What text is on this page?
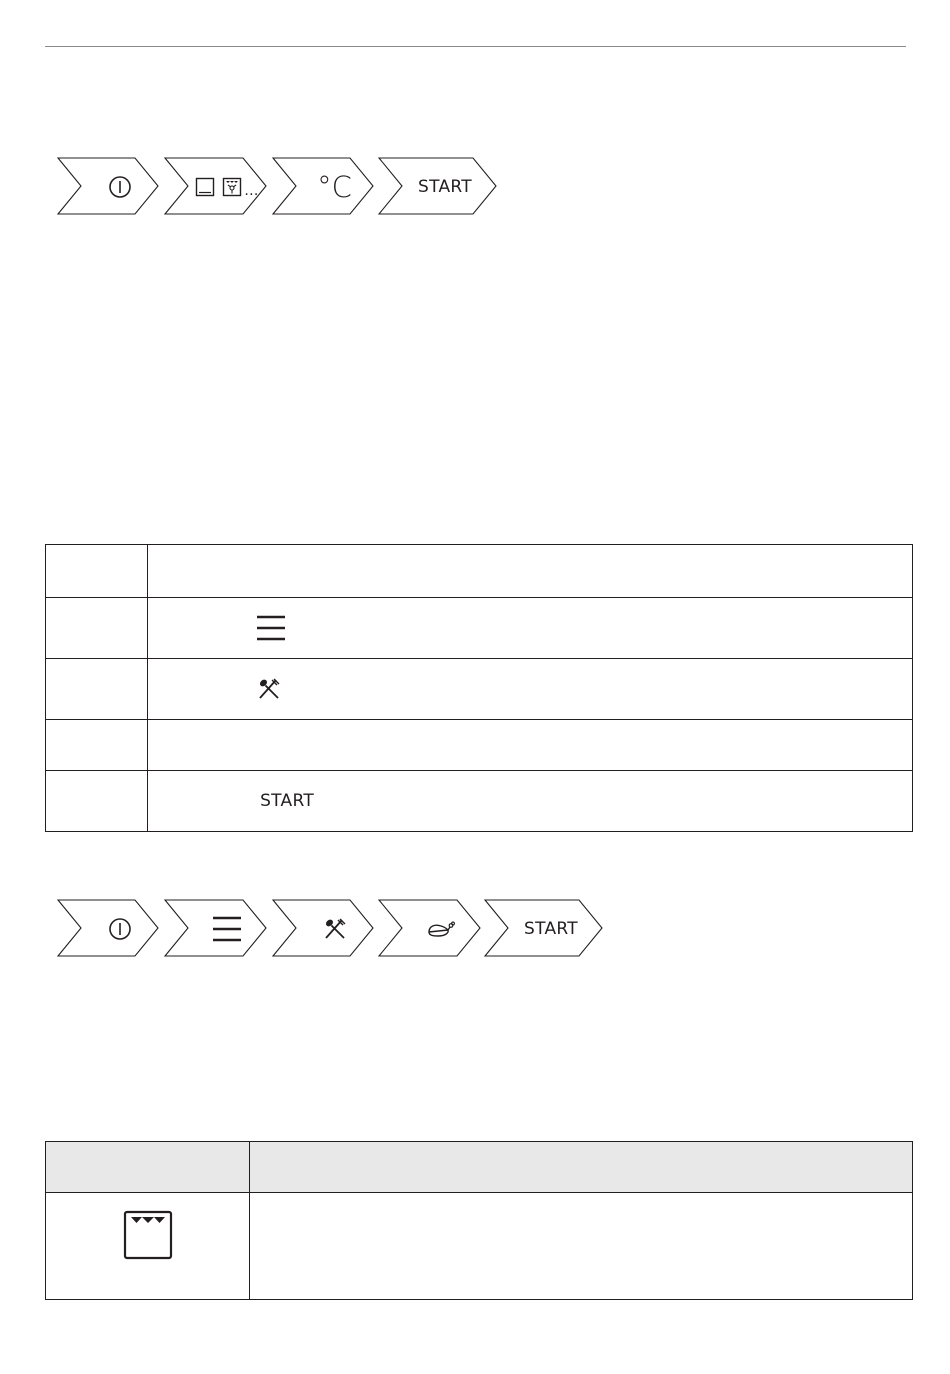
... °C	START

	START
START
